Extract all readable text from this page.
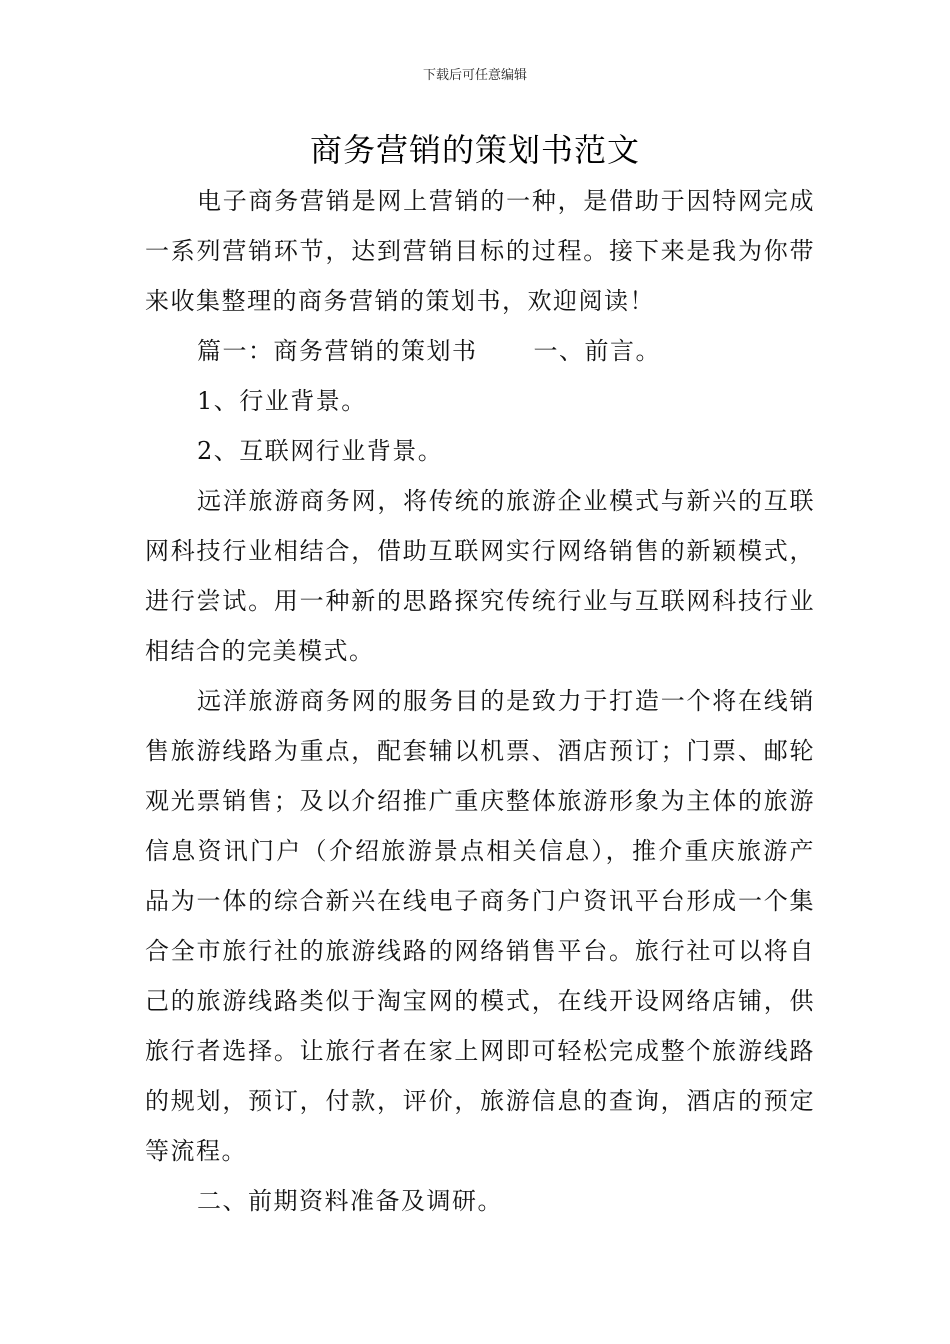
下载后可任意编辑
商务营销的策划书范文

电子商务营销是网上营销的一种，是借助于因特网完成一系列营销环节，达到营销目标的过程。接下来是我为你带来收集整理的商务营销的策划书，欢迎阅读！

篇一：商务营销的策划书 一、前言。

1、行业背景。

2、互联网行业背景。

远洋旅游商务网，将传统的旅游企业模式与新兴的互联网科技行业相结合，借助互联网实行网络销售的新颖模式，进行尝试。用一种新的思路探究传统行业与互联网科技行业相结合的完美模式。

远洋旅游商务网的服务目的是致力于打造一个将在线销售旅游线路为重点，配套辅以机票、酒店预订；门票、邮轮观光票销售；及以介绍推广重庆整体旅游形象为主体的旅游信息资讯门户（介绍旅游景点相关信息），推介重庆旅游产品为一体的综合新兴在线电子商务门户资讯平台形成一个集合全市旅行社的旅游线路的网络销售平台。旅行社可以将自己的旅游线路类似于淘宝网的模式，在线开设网络店铺，供旅行者选择。让旅行者在家上网即可轻松完成整个旅游线路的规划，预订，付款，评价，旅游信息的查询，酒店的预定等流程。

二、前期资料准备及调研。
